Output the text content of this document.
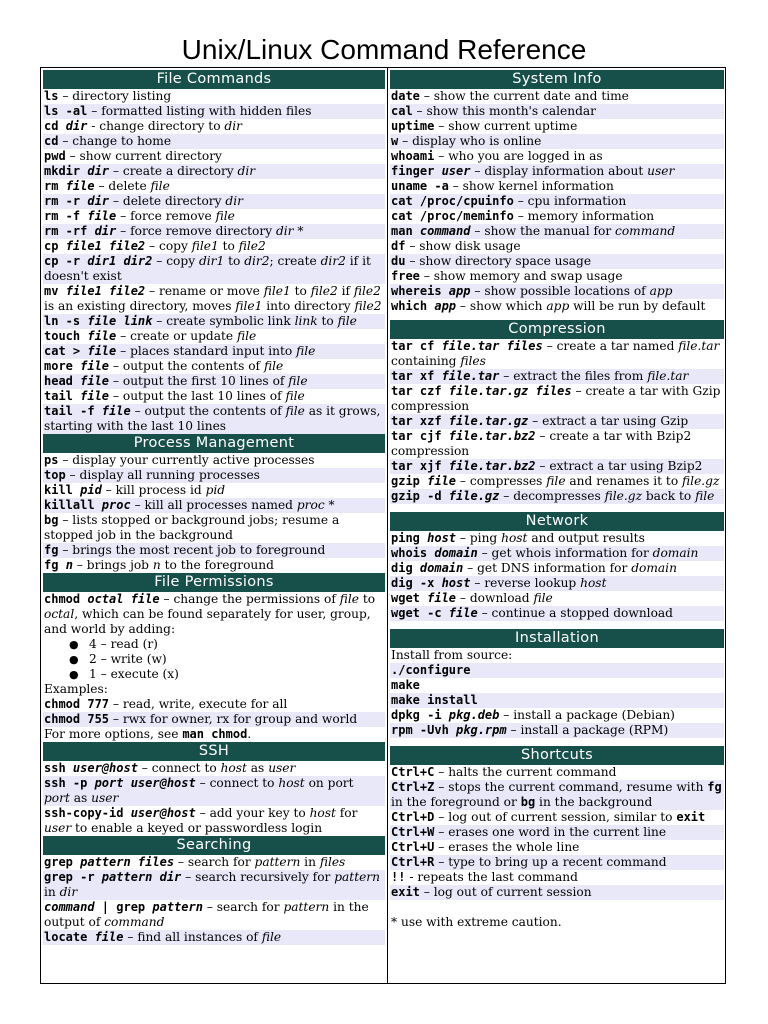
Unix/Linux Command Reference
File Commands
ls – directory listing
ls -al – formatted listing with hidden files
cd dir - change directory to dir
cd – change to home
pwd – show current directory
mkdir dir – create a directory dir
rm file – delete file
rm -r dir – delete directory dir
rm -f file – force remove file
rm -rf dir – force remove directory dir *
cp file1 file2 – copy file1 to file2
cp -r dir1 dir2 – copy dir1 to dir2; create dir2 if it doesn't exist
mv file1 file2 – rename or move file1 to file2 if file2 is an existing directory, moves file1 into directory file2
ln -s file link – create symbolic link link to file
touch file – create or update file
cat > file – places standard input into file
more file – output the contents of file
head file – output the first 10 lines of file
tail file – output the last 10 lines of file
tail -f file – output the contents of file as it grows, starting with the last 10 lines
Process Management
ps – display your currently active processes
top – display all running processes
kill pid – kill process id pid
killall proc – kill all processes named proc *
bg – lists stopped or background jobs; resume a stopped job in the background
fg – brings the most recent job to foreground
fg n – brings job n to the foreground
File Permissions
chmod octal file – change the permissions of file to octal, which can be found separately for user, group, and world by adding:
● 4 – read (r)
● 2 – write (w)
● 1 – execute (x)
Examples:
chmod 777 – read, write, execute for all
chmod 755 – rwx for owner, rx for group and world
For more options, see man chmod.
SSH
ssh user@host – connect to host as user
ssh -p port user@host – connect to host on port port as user
ssh-copy-id user@host – add your key to host for user to enable a keyed or passwordless login
Searching
grep pattern files – search for pattern in files
grep -r pattern dir – search recursively for pattern in dir
command | grep pattern – search for pattern in the output of command
locate file – find all instances of file
System Info
date – show the current date and time
cal – show this month's calendar
uptime – show current uptime
w – display who is online
whoami – who you are logged in as
finger user – display information about user
uname -a – show kernel information
cat /proc/cpuinfo – cpu information
cat /proc/meminfo – memory information
man command – show the manual for command
df – show disk usage
du – show directory space usage
free – show memory and swap usage
whereis app – show possible locations of app
which app – show which app will be run by default
Compression
tar cf file.tar files – create a tar named file.tar containing files
tar xf file.tar – extract the files from file.tar
tar czf file.tar.gz files – create a tar with Gzip compression
tar xzf file.tar.gz – extract a tar using Gzip
tar cjf file.tar.bz2 – create a tar with Bzip2 compression
tar xjf file.tar.bz2 – extract a tar using Bzip2
gzip file – compresses file and renames it to file.gz
gzip -d file.gz – decompresses file.gz back to file
Network
ping host – ping host and output results
whois domain – get whois information for domain
dig domain – get DNS information for domain
dig -x host – reverse lookup host
wget file – download file
wget -c file – continue a stopped download
Installation
Install from source:
./configure
make
make install
dpkg -i pkg.deb – install a package (Debian)
rpm -Uvh pkg.rpm – install a package (RPM)
Shortcuts
Ctrl+C – halts the current command
Ctrl+Z – stops the current command, resume with fg in the foreground or bg in the background
Ctrl+D – log out of current session, similar to exit
Ctrl+W – erases one word in the current line
Ctrl+U – erases the whole line
Ctrl+R – type to bring up a recent command
!! - repeats the last command
exit – log out of current session
* use with extreme caution.
